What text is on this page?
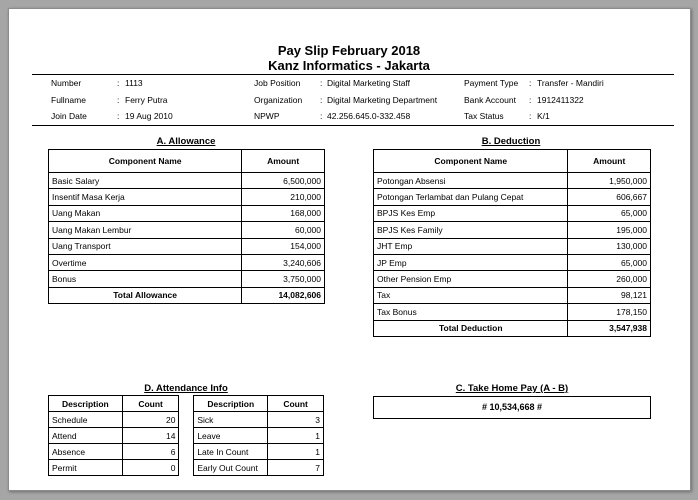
Pay Slip February 2018
Kanz Informatics - Jakarta
Number	: 1113
Fullname	: Ferry Putra
Join Date	: 19 Aug 2010
Job Position : Digital Marketing Staff
Organization : Digital Marketing Department
NPWP	: 42.256.645.0-332.458
Payment Type : Transfer - Mandiri
Bank Account : 1912411322
Tax Status	: K/1
A. Allowance
Component Name	Amount
Basic Salary	6,500,000
Insentif Masa Kerja	210,000
Uang Makan	168,000
Uang Makan Lembur	60,000
Uang Transport	154,000
Overtime	3,240,606
Bonus	3,750,000
Total Allowance	14,082,606
B. Deduction
Component Name	Amount
Potongan Absensi	1,950,000
Potongan Terlambat dan Pulang Cepat	606,667
BPJS Kes Emp	65,000
BPJS Kes Family	195,000
JHT Emp	130,000
JP Emp	65,000
Other Pension Emp	260,000
Tax	98,121
Tax Bonus	178,150
Total Deduction	3,547,938
D. Attendance Info
Description	Count		Description	Count
Schedule	20		Sick	3
Attend	14		Leave	1
Absence	6		Late In Count	1
Permit	0		Early Out Count	7
C. Take Home Pay (A - B)
# 10,534,668 #
